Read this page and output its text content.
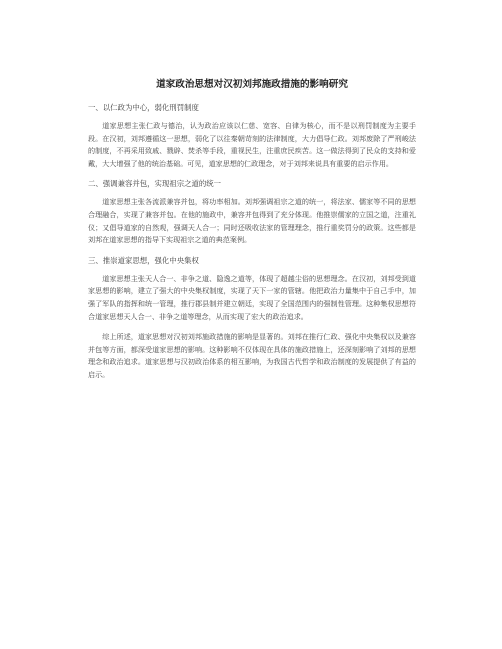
道家政治思想对汉初刘邦施政措施的影响研究

一、以仁政为中心，弱化刑罚制度

道家思想主张仁政与德治，认为政治应该以仁慈、宽容、自律为核心，而不是以刑罚制度为主要手段。在汉初，刘邦遵循这一思想，弱化了以往秦朝苛刻的法律制度，大力倡导仁政。刘邦废除了严刑峻法的制度，不再采用致戚、戮辟、焚杀等手段，重视民生，注重庶民疾苦。这一做法得到了民众的支持和爱戴，大大增强了他的统治基础。可见，道家思想的仁政理念，对于刘邦来说具有重要的启示作用。

二、强调兼容并包，实现祖宗之道的统一

道家思想主张各流派兼容并包，将功率相加。刘邦强调祖宗之道的统一，将法家、儒家等不同的思想合理融合，实现了兼容并包。在他的施政中，兼容并包得到了充分体现。他推崇儒家的立国之道，注重礼仪；又倡导道家的自然观，强调天人合一；同时还吸收法家的管理理念，推行重奖罚分的政策。这些都是刘邦在道家思想的指导下实现祖宗之道的典范案例。

三、推崇道家思想，强化中央集权

道家思想主张天人合一、非争之道、隐逸之道等，体现了超越尘俗的思想理念。在汉初，刘邦受到道家思想的影响，建立了强大的中央集权制度，实现了天下一家的管辖。他把政治力量集中于自己手中，加强了军队的指挥和统一管理，推行郡县制并建立朝廷，实现了全国范围内的强制性管理。这种集权思想符合道家思想天人合一、非争之道等理念，从而实现了宏大的政治追求。

综上所述，道家思想对汉初刘邦施政措施的影响是显著的。刘邦在推行仁政、强化中央集权以及兼容并包等方面，都深受道家思想的影响。这种影响不仅体现在具体的施政措施上，还深刻影响了刘邦的思想理念和政治追求。道家思想与汉初政治体系的相互影响，为我国古代哲学和政治制度的发展提供了有益的启示。
